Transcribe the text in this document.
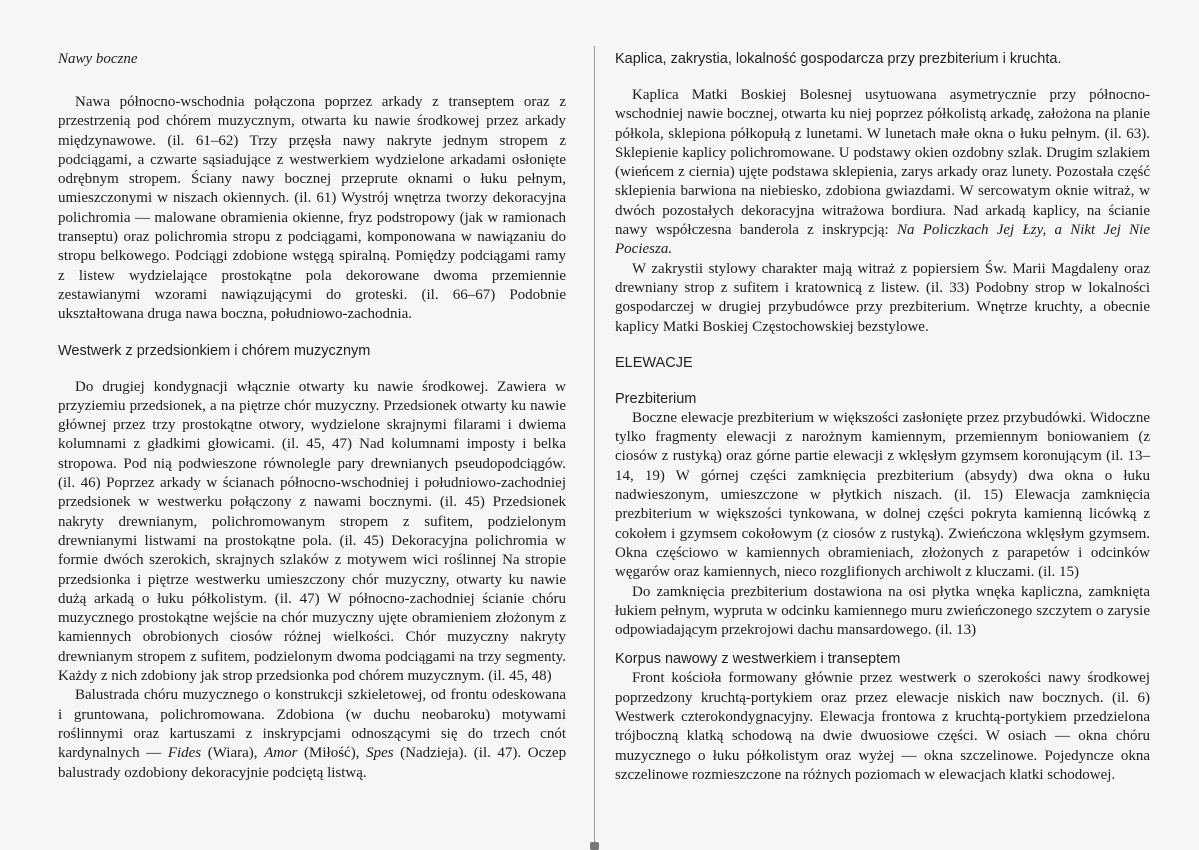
Nawy boczne

Nawa północno-wschodnia połączona poprzez arkady z transeptem oraz z przestrzenią pod chórem muzycznym, otwarta ku nawie środkowej przez arkady międzynawowe. (il. 61–62) Trzy przęsła nawy nakryte jednym stropem z podciągami, a czwarte sąsiadujące z westwerkiem wydzielone arkadami osłonięte odrębnym stropem. Ściany nawy bocznej przeprute oknami o łuku pełnym, umieszczonymi w niszach okiennych. (il. 61) Wystrój wnętrza tworzy dekoracyjna polichromia — malowane obramienia okienne, fryz podstropowy (jak w ramionach transeptu) oraz polichromia stropu z podciągami, komponowana w nawiązaniu do stropu belkowego. Podciągi zdobione wstęgą spiralną. Pomiędzy podciągami ramy z listew wydzielające prostokątne pola dekorowane dwoma przemiennie zestawianymi wzorami nawiązującymi do groteski. (il. 66–67) Podobnie ukształtowana druga nawa boczna, południowo-zachodnia.

Westwerk z przedsionkiem i chórem muzycznym

Do drugiej kondygnacji włącznie otwarty ku nawie środkowej. Zawiera w przyziemiu przedsionek, a na piętrze chór muzyczny. Przedsionek otwarty ku nawie głównej przez trzy prostokątne otwory, wydzielone skrajnymi filarami i dwiema kolumnami z gładkimi głowicami. (il. 45, 47) Nad kolumnami imposty i belka stropowa. Pod nią podwieszone równolegle pary drewnianych pseudopodciągów. (il. 46) Poprzez arkady w ścianach północno-wschodniej i południowo-zachodniej przedsionek w westwerku połączony z nawami bocznymi. (il. 45) Przedsionek nakryty drewnianym, polichromowanym stropem z sufitem, podzielonym drewnianymi listwami na prostokątne pola. (il. 45) Dekoracyjna polichromia w formie dwóch szerokich, skrajnych szlaków z motywem wici roślinnej Na stropie przedsionka i piętrze westwerku umieszczony chór muzyczny, otwarty ku nawie dużą arkadą o łuku półkolistym. (il. 47) W północno-zachodniej ścianie chóru muzycznego prostokątne wejście na chór muzyczny ujęte obramieniem złożonym z kamiennych obrobionych ciosów różnej wielkości. Chór muzyczny nakryty drewnianym stropem z sufitem, podzielonym dwoma podciągami na trzy segmenty. Każdy z nich zdobiony jak strop przedsionka pod chórem muzycznym. (il. 45, 48)

Balustrada chóru muzycznego o konstrukcji szkieletowej, od frontu odeskowana i gruntowana, polichromowana. Zdobiona (w duchu neobaroku) motywami roślinnymi oraz kartuszami z inskrypcjami odnoszącymi się do trzech cnót kardynalnych — Fides (Wiara), Amor (Miłość), Spes (Nadzieja). (il. 47). Oczep balustrady ozdobiony dekoracyjnie podciętą listwą.

Kaplica, zakrystia, lokalność gospodarcza przy prezbiterium i kruchta.

Kaplica Matki Boskiej Bolesnej usytuowana asymetrycznie przy północno-wschodniej nawie bocznej, otwarta ku niej poprzez półkolistą arkadę, założona na planie półkola, sklepiona półkopułą z lunetami. W lunetach małe okna o łuku pełnym. (il. 63). Sklepienie kaplicy polichromowane. U podstawy okien ozdobny szlak. Drugim szlakiem (wieńcem z ciernia) ujęte podstawa sklepienia, zarys arkady oraz lunety. Pozostała część sklepienia barwiona na niebiesko, zdobiona gwiazdami. W sercowatym oknie witraż, w dwóch pozostałych dekoracyjna witrażowa bordiura. Nad arkadą kaplicy, na ścianie nawy współczesna banderola z inskrypcją: Na Policzkach Jej Łzy, a Nikt Jej Nie Pociesza.

W zakrystii stylowy charakter mają witraż z popiersiem Św. Marii Magdaleny oraz drewniany strop z sufitem i kratownicą z listew. (il. 33) Podobny strop w lokalności gospodarczej w drugiej przybudówce przy prezbiterium. Wnętrze kruchty, a obecnie kaplicy Matki Boskiej Częstochowskiej bezstylowe.

ELEWACJE
Prezbiterium

Boczne elewacje prezbiterium w większości zasłonięte przez przybudówki. Widoczne tylko fragmenty elewacji z narożnym kamiennym, przemiennym boniowaniem (z ciosów z rustyką) oraz górne partie elewacji z wklęsłym gzymsem koronującym (il. 13–14, 19) W górnej części zamknięcia prezbiterium (absydy) dwa okna o łuku nadwieszonym, umieszczone w płytkich niszach. (il. 15) Elewacja zamknięcia prezbiterium w większości tynkowana, w dolnej części pokryta kamienną licówką z cokołem i gzymsem cokołowym (z ciosów z rustyką). Zwieńczona wklęsłym gzymsem. Okna częściowo w kamiennych obramieniach, złożonych z parapetów i odcinków węgarów oraz kamiennych, nieco rozglifionych archiwolt z kluczami. (il. 15)

Do zamknięcia prezbiterium dostawiona na osi płytka wnęka kapliczna, zamknięta łukiem pełnym, wypruta w odcinku kamiennego muru zwieńczonego szczytem o zarysie odpowiadającym przekrojowi dachu mansardowego. (il. 13)

Korpus nawowy z westwerkiem i transeptem

Front kościoła formowany głównie przez westwerk o szerokości nawy środkowej poprzedzony kruchtą-portykiem oraz przez elewacje niskich naw bocznych. (il. 6) Westwerk czterokondygnacyjny. Elewacja frontowa z kruchtą-portykiem przedzielona trójboczną klatką schodową na dwie dwuosiowe części. W osiach — okna chóru muzycznego o łuku półkolistym oraz wyżej — okna szczelinowe. Pojedyncze okna szczelinowe rozmieszczone na różnych poziomach w elewacjach klatki schodowej.
